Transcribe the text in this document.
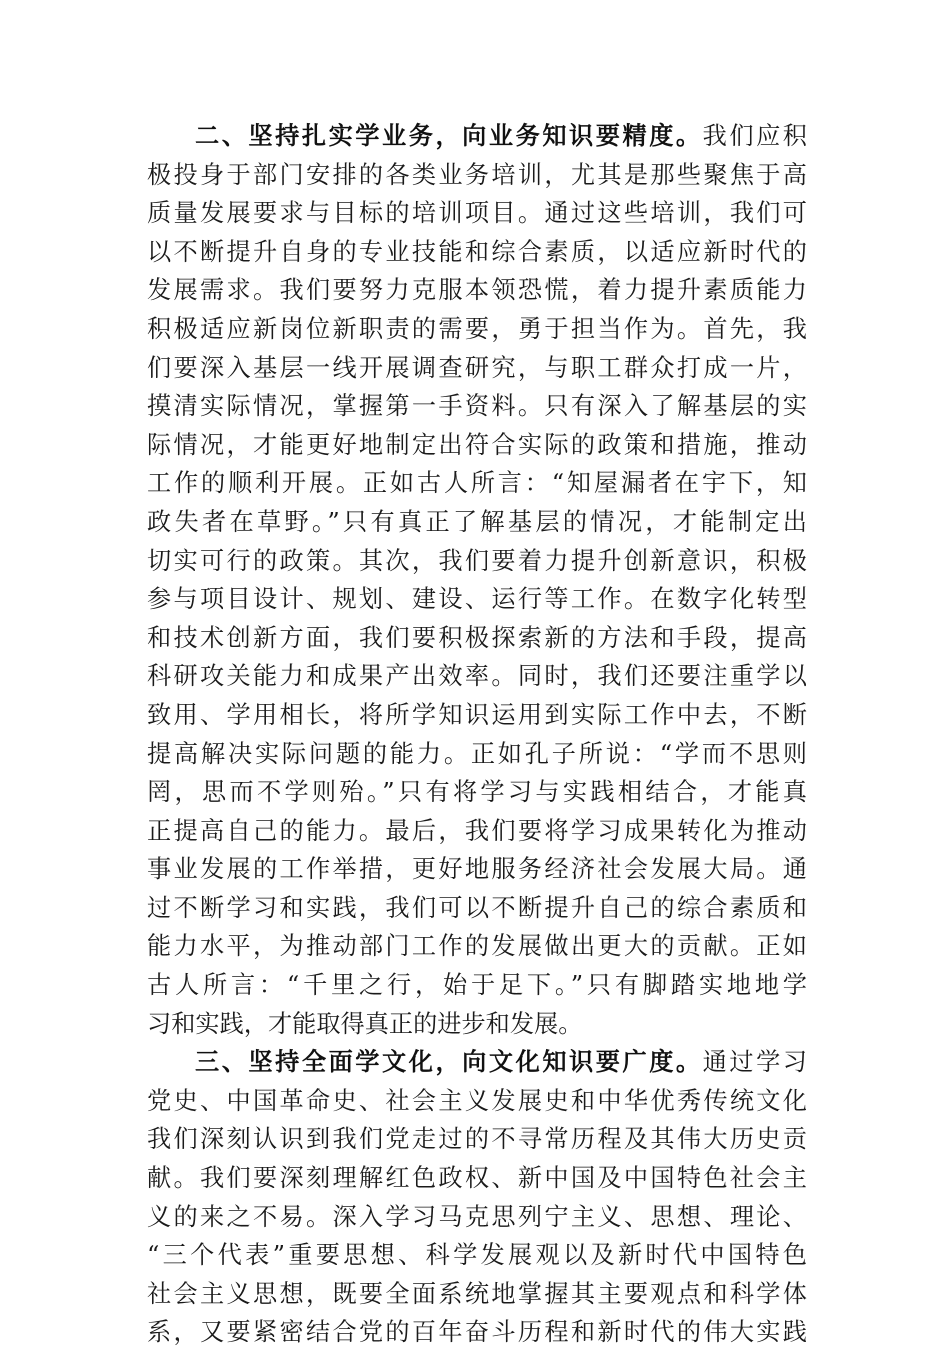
二、坚持扎实学业务，向业务知识要精度。我们应积
极投身于部门安排的各类业务培训，尤其是那些聚焦于高
质量发展要求与目标的培训项目。通过这些培训，我们可
以不断提升自身的专业技能和综合素质，以适应新时代的
发展需求。我们要努力克服本领恐慌，着力提升素质能力
积极适应新岗位新职责的需要，勇于担当作为。首先，我
们要深入基层一线开展调查研究，与职工群众打成一片，
摸清实际情况，掌握第一手资料。只有深入了解基层的实
际情况，才能更好地制定出符合实际的政策和措施，推动
工作的顺利开展。正如古人所言：“知屋漏者在宇下，知
政失者在草野。”只有真正了解基层的情况，才能制定出
切实可行的政策。其次，我们要着力提升创新意识，积极
参与项目设计、规划、建设、运行等工作。在数字化转型
和技术创新方面，我们要积极探索新的方法和手段，提高
科研攻关能力和成果产出效率。同时，我们还要注重学以
致用、学用相长，将所学知识运用到实际工作中去，不断
提高解决实际问题的能力。正如孔子所说：“学而不思则
罔，思而不学则殆。”只有将学习与实践相结合，才能真
正提高自己的能力。最后，我们要将学习成果转化为推动
事业发展的工作举措，更好地服务经济社会发展大局。通
过不断学习和实践，我们可以不断提升自己的综合素质和
能力水平，为推动部门工作的发展做出更大的贡献。正如
古人所言：“千里之行，始于足下。”只有脚踏实地地学
习和实践，才能取得真正的进步和发展。
三、坚持全面学文化，向文化知识要广度。通过学习
党史、中国革命史、社会主义发展史和中华优秀传统文化
我们深刻认识到我们党走过的不寻常历程及其伟大历史贡
献。我们要深刻理解红色政权、新中国及中国特色社会主
义的来之不易。深入学习马克思列宁主义、思想、理论、
“三个代表”重要思想、科学发展观以及新时代中国特色
社会主义思想，既要全面系统地掌握其主要观点和科学体
系，又要紧密结合党的百年奋斗历程和新时代的伟大实践
